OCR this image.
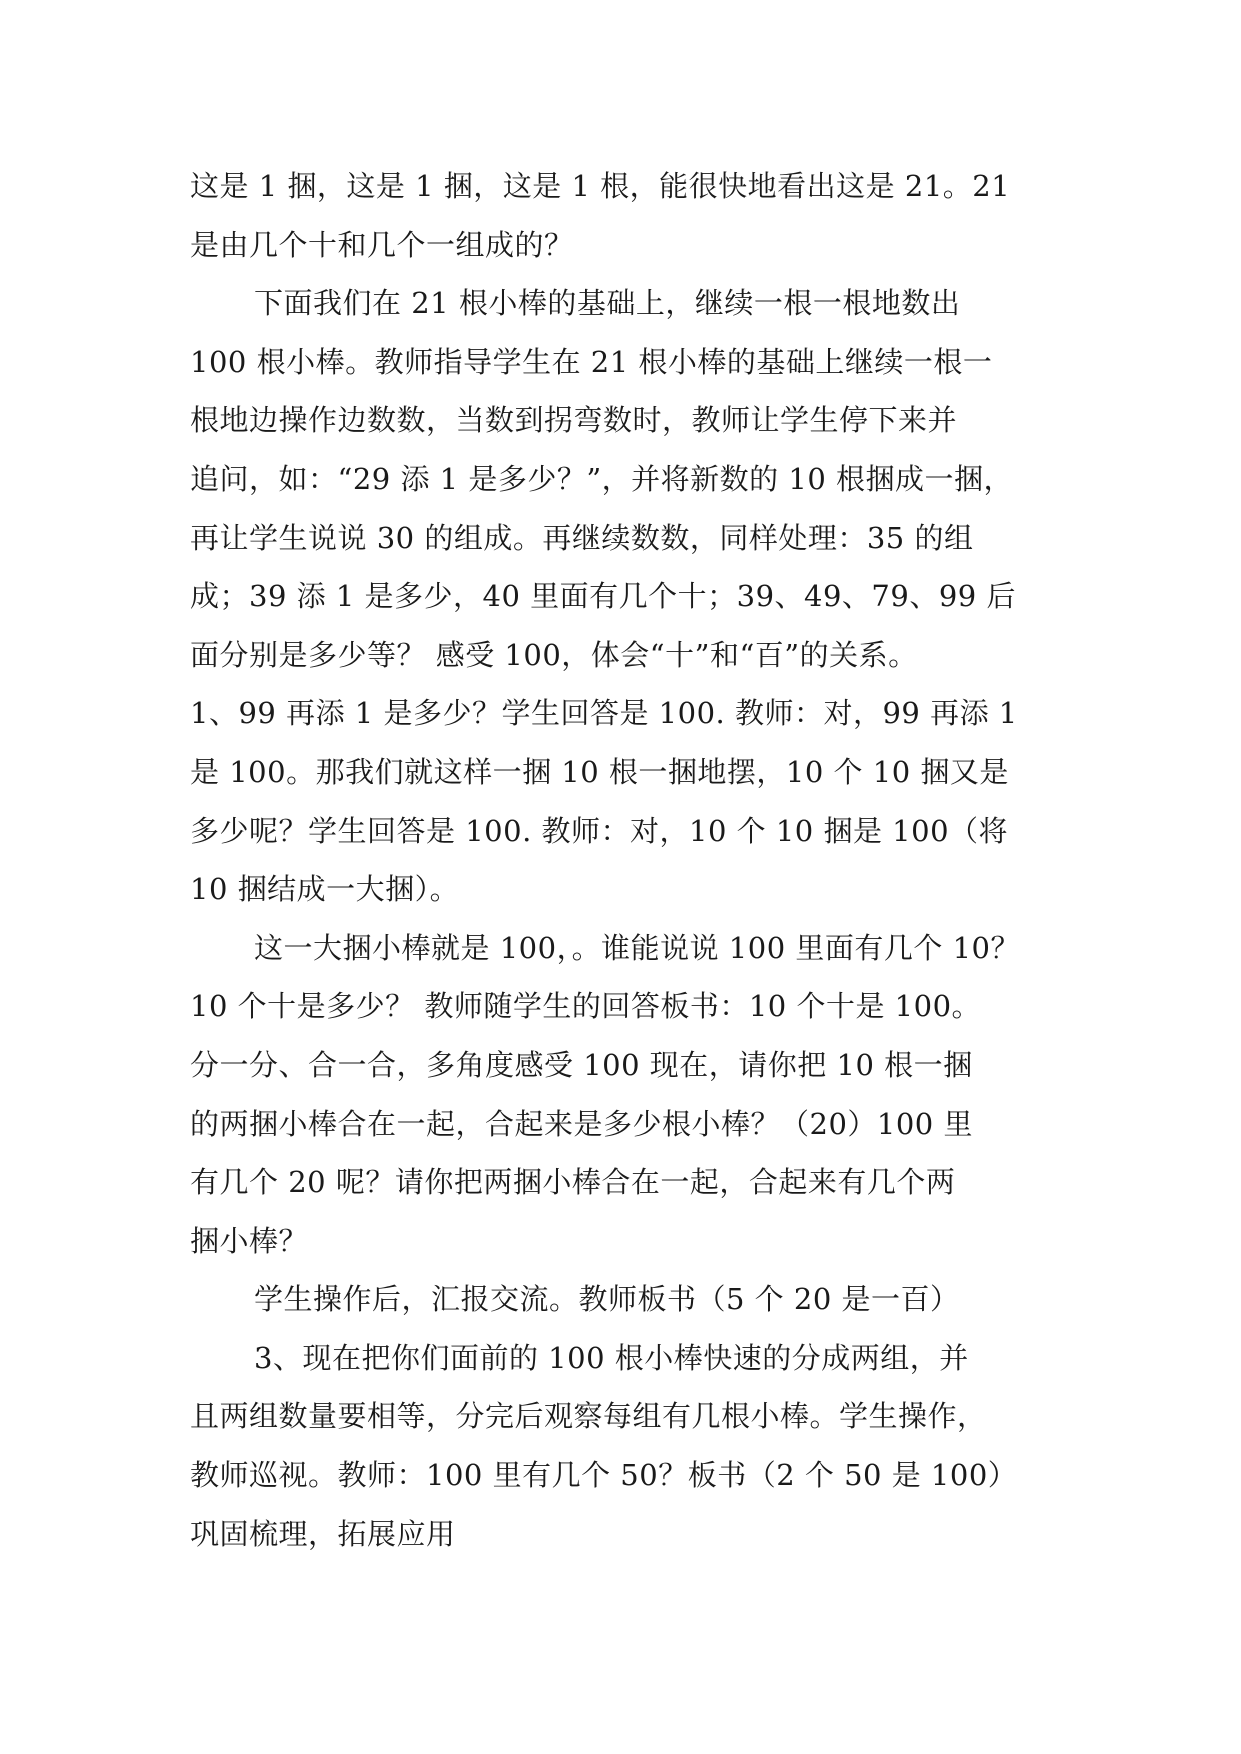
这是 1 捆，这是 1 捆，这是 1 根，能很快地看出这是 21。21
是由几个十和几个一组成的？
下面我们在 21 根小棒的基础上，继续一根一根地数出
100 根小棒。教师指导学生在 21 根小棒的基础上继续一根一
根地边操作边数数，当数到拐弯数时，教师让学生停下来并
追问，如：“29 添 1 是多少？”，并将新数的 10 根捆成一捆，
再让学生说说 30 的组成。再继续数数，同样处理：35 的组
成；39 添 1 是多少，40 里面有几个十；39、49、79、99 后
面分别是多少等？ 感受 100，体会“十”和“百”的关系。
1、99 再添 1 是多少？学生回答是 100. 教师：对，99 再添 1
是 100。那我们就这样一捆 10 根一捆地摆，10 个 10 捆又是
多少呢？学生回答是 100. 教师：对，10 个 10 捆是 100（将
10 捆结成一大捆）。
这一大捆小棒就是 100，。谁能说说 100 里面有几个 10？
10 个十是多少？ 教师随学生的回答板书：10 个十是 100。
分一分、合一合，多角度感受 100 现在，请你把 10 根一捆
的两捆小棒合在一起，合起来是多少根小棒？（20）100 里
有几个 20 呢？请你把两捆小棒合在一起，合起来有几个两
捆小棒？
学生操作后，汇报交流。教师板书（5 个 20 是一百）
3、现在把你们面前的 100 根小棒快速的分成两组，并
且两组数量要相等，分完后观察每组有几根小棒。学生操作，
教师巡视。教师：100 里有几个 50？板书（2 个 50 是 100）
巩固梳理，拓展应用
